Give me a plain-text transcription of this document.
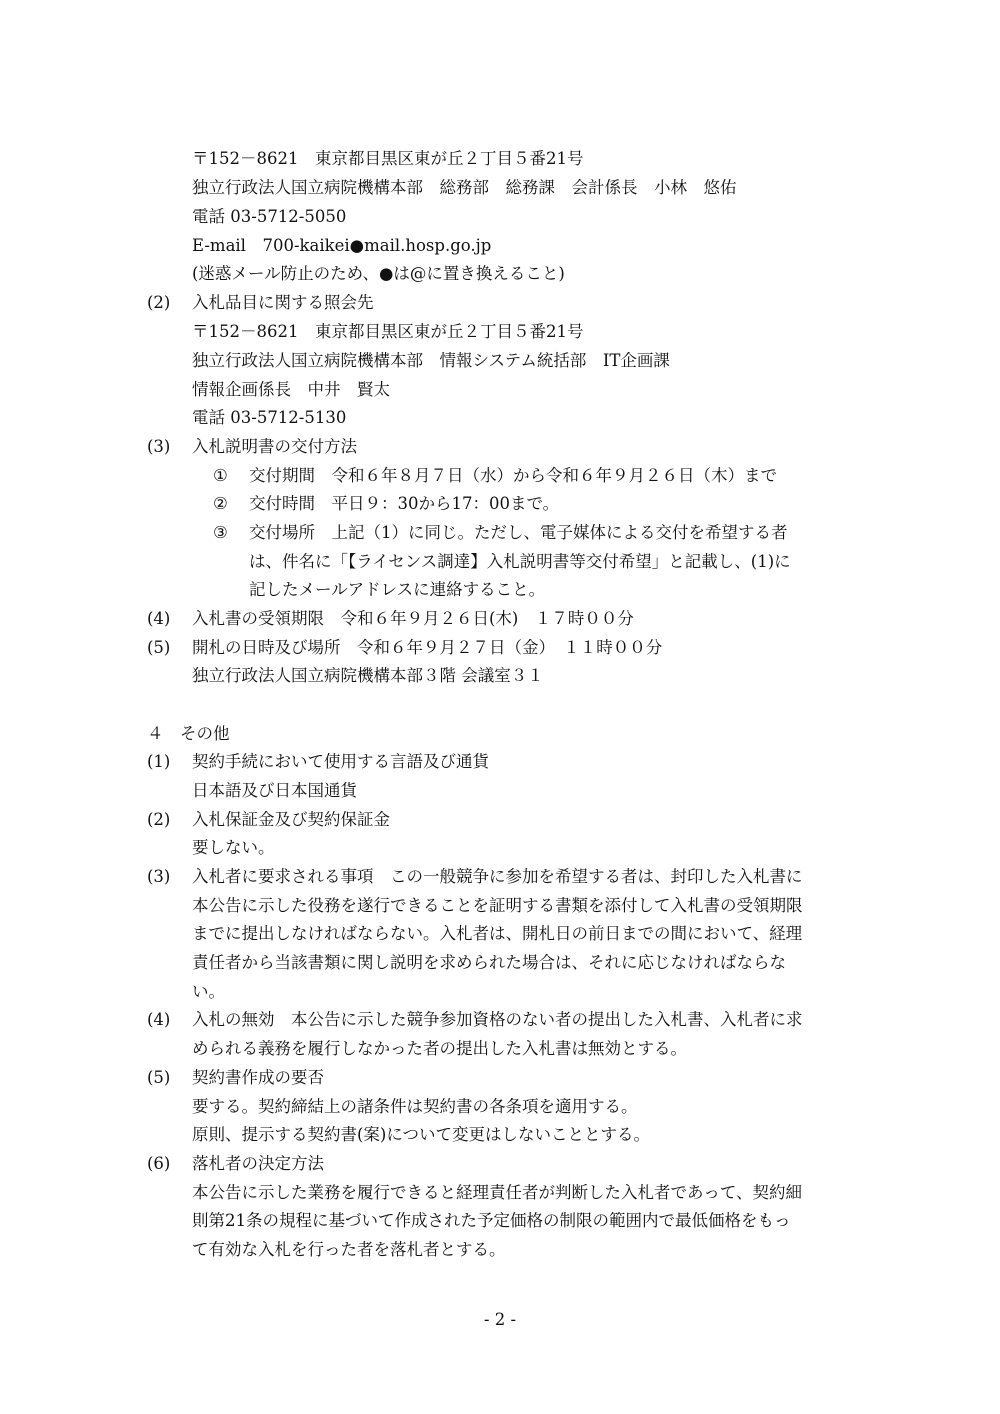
〒152－8621　東京都目黒区東が丘２丁目５番21号
独立行政法人国立病院機構本部　総務部　総務課　会計係長　小林　悠佑
電話 03-5712-5050
E-mail　700-kaikei●mail.hosp.go.jp
(迷惑メール防止のため、●は@に置き換えること)
(2) 入札品目に関する照会先
〒152－8621　東京都目黒区東が丘２丁目５番21号
独立行政法人国立病院機構本部　情報システム統括部　IT企画課
情報企画係長　中井　賢太
電話 03-5712-5130
(3) 入札説明書の交付方法
① 交付期間　令和６年８月７日（水）から令和６年９月２６日（木）まで
② 交付時間　平日９：30から17：00まで。
③ 交付場所　上記（1）に同じ。ただし、電子媒体による交付を希望する者
は、件名に「【ライセンス調達】入札説明書等交付希望」と記載し、(1)に
記したメールアドレスに連絡すること。
(4) 入札書の受領期限　令和６年９月２６日(木)　１７時００分
(5) 開札の日時及び場所　令和６年９月２７日（金）　１１時００分
独立行政法人国立病院機構本部３階 会議室３１
４　その他
(1) 契約手続において使用する言語及び通貨
日本語及び日本国通貨
(2) 入札保証金及び契約保証金
要しない。
(3) 入札者に要求される事項　この一般競争に参加を希望する者は、封印した入札書に
本公告に示した役務を遂行できることを証明する書類を添付して入札書の受領期限
までに提出しなければならない。入札者は、開札日の前日までの間において、経理
責任者から当該書類に関し説明を求められた場合は、それに応じなければならな
い。
(4) 入札の無効　本公告に示した競争参加資格のない者の提出した入札書、入札者に求
められる義務を履行しなかった者の提出した入札書は無効とする。
(5) 契約書作成の要否
要する。契約締結上の諸条件は契約書の各条項を適用する。
原則、提示する契約書(案)について変更はしないこととする。
(6) 落札者の決定方法
本公告に示した業務を履行できると経理責任者が判断した入札者であって、契約細
則第21条の規程に基づいて作成された予定価格の制限の範囲内で最低価格をもっ
て有効な入札を行った者を落札者とする。
- 2 -
